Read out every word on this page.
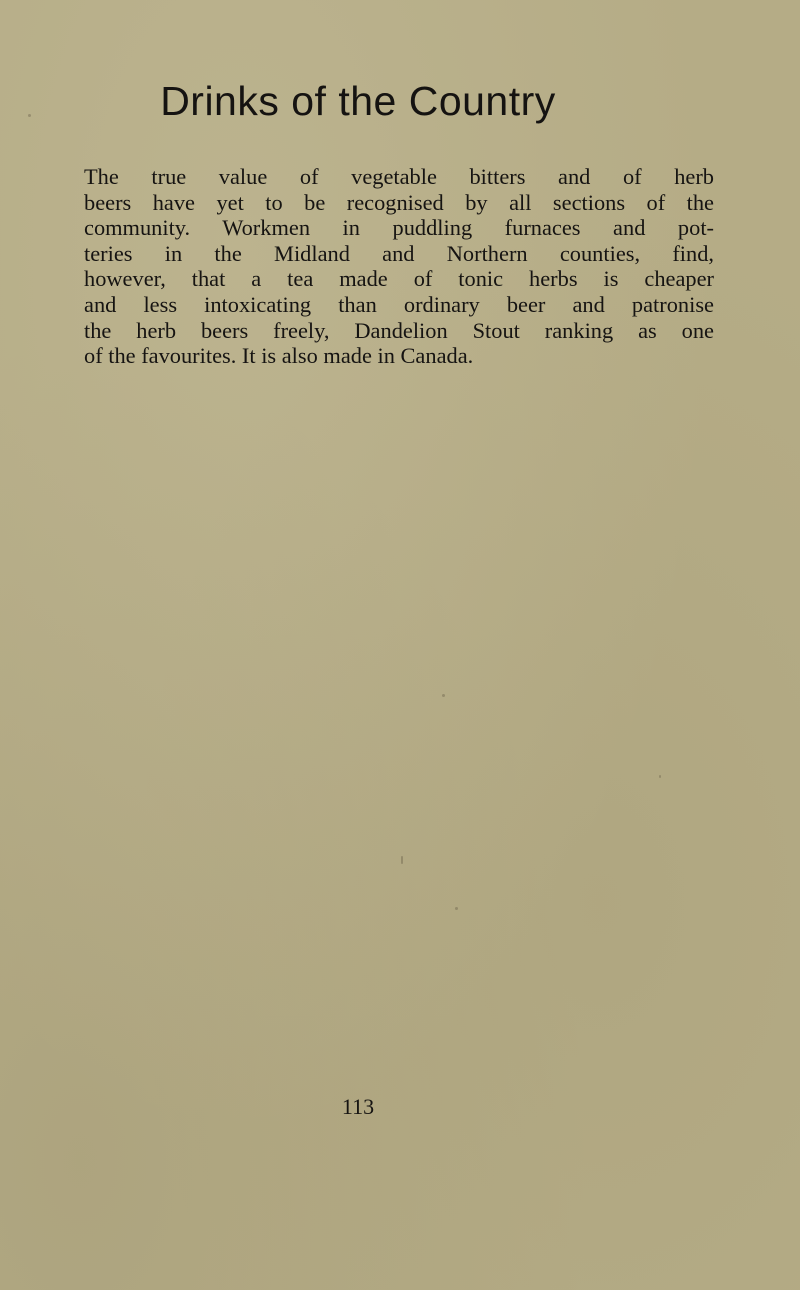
Drinks of the Country

The true value of vegetable bitters and of herb
beers have yet to be recognised by all sections of the
community. Workmen in puddling furnaces and pot-
teries in the Midland and Northern counties, find,
however, that a tea made of tonic herbs is cheaper
and less intoxicating than ordinary beer and patronise
the herb beers freely, Dandelion Stout ranking as one
of the favourites. It is also made in Canada.

113
